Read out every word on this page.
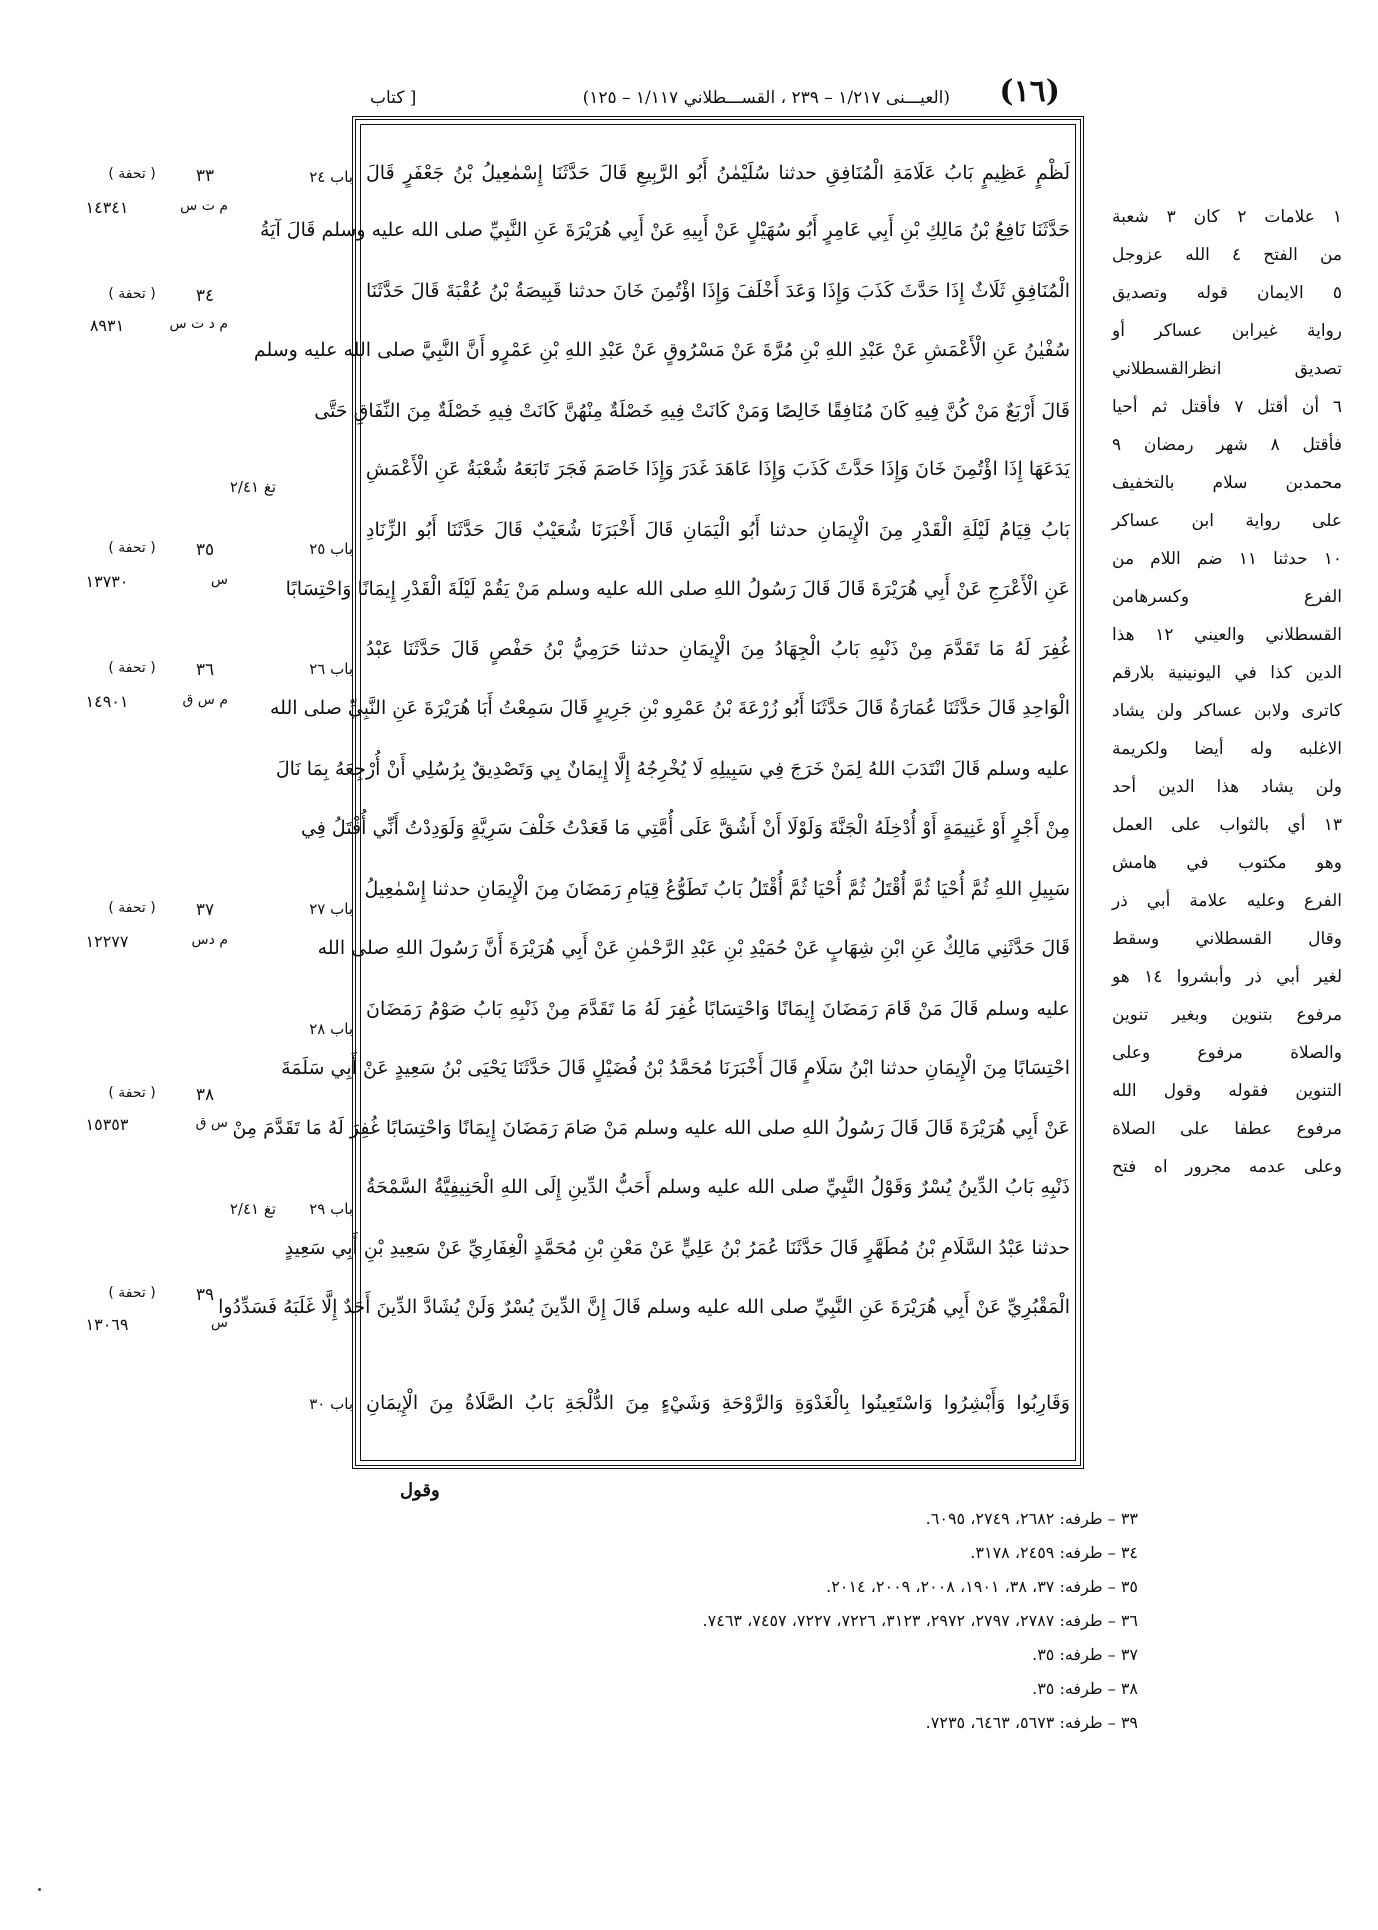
(١٦)
(العيـــنى ١/٢١٧ – ٢٣٩ ، القســـطلاني ١/١١٧ – ١٢٥)
[ كتاب
لَظْمٍ عَظِيمٍ بَابُ عَلَامَةِ الْمُنَافِقِ حدثنا سُلَيْمٰنُ أَبُو الرَّبِيعِ قَالَ حَدَّثَنَا إِسْمٰعِيلُ بْنُ جَعْفَرٍ قَالَ
حَدَّثَنَا نَافِعُ بْنُ مَالِكِ بْنِ أَبِي عَامِرٍ أَبُو سُهَيْلٍ عَنْ أَبِيهِ عَنْ أَبِي هُرَيْرَةَ عَنِ النَّبِيِّ صلى الله عليه وسلم قَالَ آيَةُ
الْمُنَافِقِ ثَلَاثٌ إِذَا حَدَّثَ كَذَبَ وَإِذَا وَعَدَ أَخْلَفَ وَإِذَا اؤْتُمِنَ خَانَ حدثنا قَبِيصَةُ بْنُ عُقْبَةَ قَالَ حَدَّثَنَا
سُفْيٰنُ عَنِ الْأَعْمَشِ عَنْ عَبْدِ اللهِ بْنِ مُرَّةَ عَنْ مَسْرُوقٍ عَنْ عَبْدِ اللهِ بْنِ عَمْرٍو أَنَّ النَّبِيَّ صلى الله عليه وسلم
قَالَ أَرْبَعٌ مَنْ كُنَّ فِيهِ كَانَ مُنَافِقًا خَالِصًا وَمَنْ كَانَتْ فِيهِ خَصْلَةٌ مِنْهُنَّ كَانَتْ فِيهِ خَصْلَةٌ مِنَ النِّفَاقِ حَتَّى
يَدَعَهَا إِذَا اؤْتُمِنَ خَانَ وَإِذَا حَدَّثَ كَذَبَ وَإِذَا عَاهَدَ غَدَرَ وَإِذَا خَاصَمَ فَجَرَ تَابَعَهُ شُعْبَةُ عَنِ الْأَعْمَشِ
بَابُ قِيَامُ لَيْلَةِ الْقَدْرِ مِنَ الْإِيمَانِ حدثنا أَبُو الْيَمَانِ قَالَ أَخْبَرَنَا شُعَيْبٌ قَالَ حَدَّثَنَا أَبُو الزِّنَادِ
عَنِ الْأَعْرَجِ عَنْ أَبِي هُرَيْرَةَ قَالَ قَالَ رَسُولُ اللهِ صلى الله عليه وسلم مَنْ يَقُمْ لَيْلَةَ الْقَدْرِ إِيمَانًا وَاحْتِسَابًا
غُفِرَ لَهُ مَا تَقَدَّمَ مِنْ ذَنْبِهِ بَابُ الْجِهَادُ مِنَ الْإِيمَانِ حدثنا حَرَمِيُّ بْنُ حَفْصٍ قَالَ حَدَّثَنَا عَبْدُ
الْوَاحِدِ قَالَ حَدَّثَنَا عُمَارَةُ قَالَ حَدَّثَنَا أَبُو زُرْعَةَ بْنُ عَمْرِو بْنِ جَرِيرٍ قَالَ سَمِعْتُ أَبَا هُرَيْرَةَ عَنِ النَّبِيِّ صلى الله
عليه وسلم قَالَ انْتَدَبَ اللهُ لِمَنْ خَرَجَ فِي سَبِيلِهِ لَا يُخْرِجُهُ إِلَّا إِيمَانٌ بِي وَتَصْدِيقٌ بِرُسُلِي أَنْ أُرْجِعَهُ بِمَا نَالَ
مِنْ أَجْرٍ أَوْ غَنِيمَةٍ أَوْ أُدْخِلَهُ الْجَنَّةَ وَلَوْلَا أَنْ أَشُقَّ عَلَى أُمَّتِي مَا قَعَدْتُ خَلْفَ سَرِيَّةٍ وَلَوَدِدْتُ أَنِّي أُقْتَلُ فِي
سَبِيلِ اللهِ ثُمَّ أُحْيَا ثُمَّ أُقْتَلُ ثُمَّ أُحْيَا ثُمَّ أُقْتَلُ بَابُ تَطَوُّعُ قِيَامِ رَمَضَانَ مِنَ الْإِيمَانِ حدثنا إِسْمٰعِيلُ
قَالَ حَدَّثَنِي مَالِكٌ عَنِ ابْنِ شِهَابٍ عَنْ حُمَيْدِ بْنِ عَبْدِ الرَّحْمٰنِ عَنْ أَبِي هُرَيْرَةَ أَنَّ رَسُولَ اللهِ صلى الله
عليه وسلم قَالَ مَنْ قَامَ رَمَضَانَ إِيمَانًا وَاحْتِسَابًا غُفِرَ لَهُ مَا تَقَدَّمَ مِنْ ذَنْبِهِ بَابُ صَوْمُ رَمَضَانَ
احْتِسَابًا مِنَ الْإِيمَانِ حدثنا ابْنُ سَلَامٍ قَالَ أَخْبَرَنَا مُحَمَّدُ بْنُ فُضَيْلٍ قَالَ حَدَّثَنَا يَحْيَى بْنُ سَعِيدٍ عَنْ أَبِي سَلَمَةَ
عَنْ أَبِي هُرَيْرَةَ قَالَ قَالَ رَسُولُ اللهِ صلى الله عليه وسلم مَنْ صَامَ رَمَضَانَ إِيمَانًا وَاحْتِسَابًا غُفِرَ لَهُ مَا تَقَدَّمَ مِنْ
ذَنْبِهِ بَابُ الدِّينُ يُسْرٌ وَقَوْلُ النَّبِيِّ صلى الله عليه وسلم أَحَبُّ الدِّينِ إِلَى اللهِ الْحَنِيفِيَّةُ السَّمْحَةُ
حدثنا عَبْدُ السَّلَامِ بْنُ مُطَهَّرٍ قَالَ حَدَّثَنَا عُمَرُ بْنُ عَلِيٍّ عَنْ مَعْنِ بْنِ مُحَمَّدٍ الْغِفَارِيِّ عَنْ سَعِيدِ بْنِ أَبِي سَعِيدٍ
الْمَقْبُرِيِّ عَنْ أَبِي هُرَيْرَةَ عَنِ النَّبِيِّ صلى الله عليه وسلم قَالَ إِنَّ الدِّينَ يُسْرٌ وَلَنْ يُشَادَّ الدِّينَ أَحَدٌ إِلَّا غَلَبَهُ فَسَدِّدُوا
وَقَارِبُوا وَأَبْشِرُوا وَاسْتَعِينُوا بِالْغَدْوَةِ وَالرَّوْحَةِ وَشَيْءٍ مِنَ الدُّلْجَةِ بَابُ الصَّلَاةُ مِنَ الْإِيمَانِ
وقول
باب ٢٤
باب ٢٥
باب ٢٦
باب ٢٧
باب ٢٨
باب ٢٩
باب ٣٠
٣٣
٣٤
٣٥
٣٦
٣٧
٣٨
٣٩
( تحفة )
( تحفة )
( تحفة )
( تحفة )
( تحفة )
( تحفة )
( تحفة )
م ت س
م د ت س
س
م س ق
م دس
س ق
س
١٤٣٤١
٨٩٣١
١٣٧٣٠
١٤٩٠١
١٢٢٧٧
١٥٣٥٣
١٣٠٦٩
تغ ٢/٤١
تغ ٢/٤١
١ علامات ٢ كان ٣ شعبة
من الفتح ٤ الله عزوجل
٥ الايمان قوله وتصديق
رواية غيرابن عساكر أو
تصديق انظرالقسطلاني
٦ أن أقتل ٧ فأقتل ثم أحيا
فأقتل ٨ شهر رمضان ٩
محمدبن سلام بالتخفيف
على رواية ابن عساكر
١٠ حدثنا ١١ ضم اللام من
الفرع وكسرهامن
القسطلاني والعيني ١٢ هذا
الدين كذا في اليونينية بلارقم
كاترى ولابن عساكر ولن يشاد
الاغلبه وله أيضا ولكريمة
ولن يشاد هذا الدين أحد
١٣ أي بالثواب على العمل
وهو مكتوب في هامش
الفرع وعليه علامة أبي ذر
وقال القسطلاني وسقط
لغير أبي ذر وأبشروا ١٤ هو
مرفوع بتنوين وبغير تنوين
والصلاة مرفوع وعلى
التنوين فقوله وقول الله
مرفوع عطفا على الصلاة
وعلى عدمه مجرور اه فتح
٣٣ – طرفه: ٢٦٨٢، ٢٧٤٩، ٦٠٩٥.
٣٤ – طرفه: ٢٤٥٩، ٣١٧٨.
٣٥ – طرفه: ٣٧، ٣٨، ١٩٠١، ٢٠٠٨، ٢٠٠٩، ٢٠١٤.
٣٦ – طرفه: ٢٧٨٧، ٢٧٩٧، ٢٩٧٢، ٣١٢٣، ٧٢٢٦، ٧٢٢٧، ٧٤٥٧، ٧٤٦٣.
٣٧ – طرفه: ٣٥.
٣٨ – طرفه: ٣٥.
٣٩ – طرفه: ٥٦٧٣، ٦٤٦٣، ٧٢٣٥.
